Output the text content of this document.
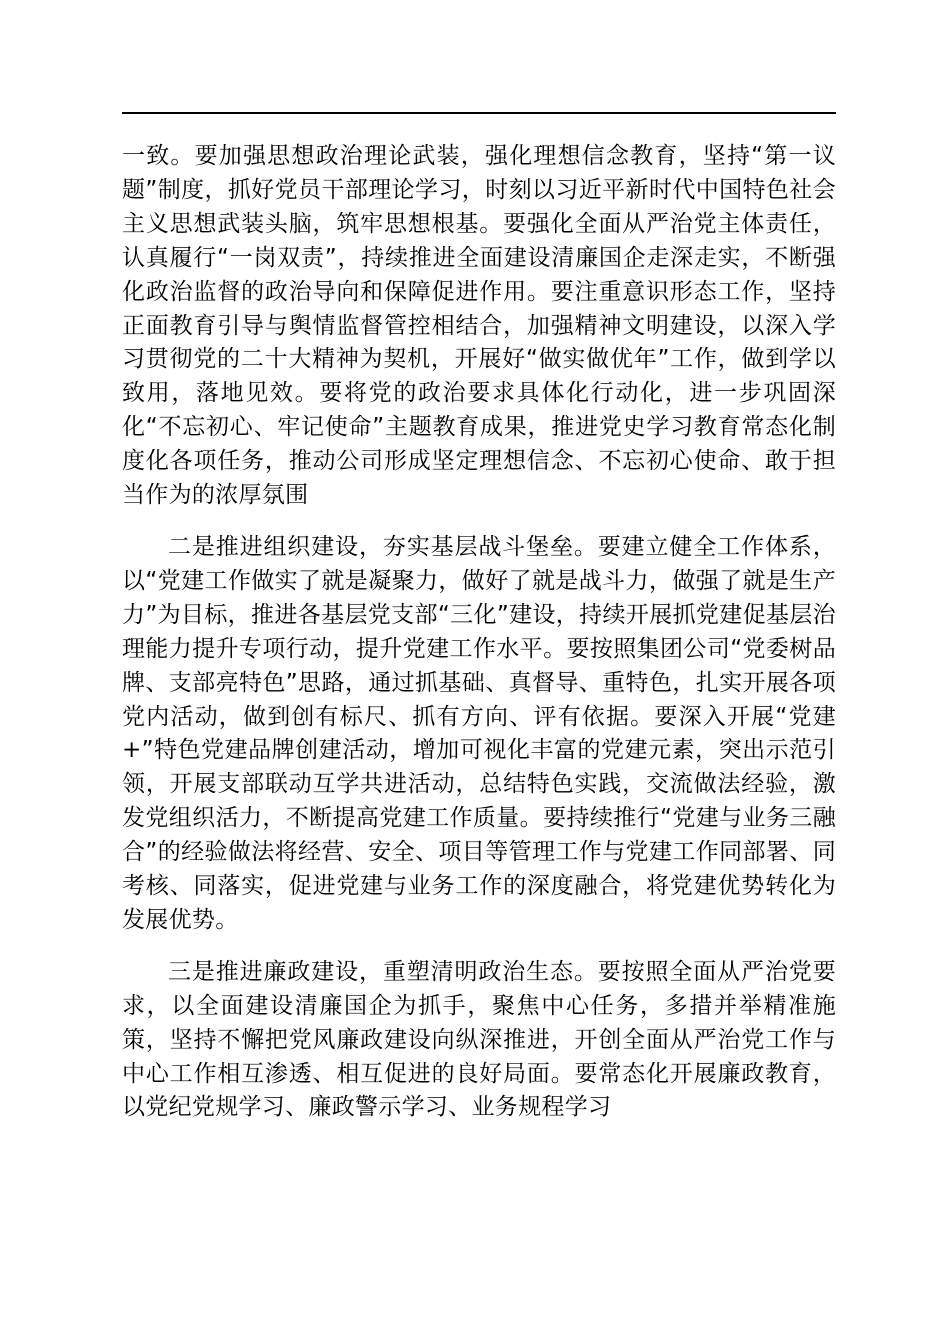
一致。要加强思想政治理论武装，强化理想信念教育，坚持“第一议题”制度，抓好党员干部理论学习，时刻以习近平新时代中国特色社会主义思想武装头脑，筑牢思想根基。要强化全面从严治党主体责任，认真履行“一岗双责”，持续推进全面建设清廉国企走深走实，不断强化政治监督的政治导向和保障促进作用。要注重意识形态工作，坚持正面教育引导与舆情监督管控相结合，加强精神文明建设，以深入学习贯彻党的二十大精神为契机，开展好“做实做优年”工作，做到学以致用，落地见效。要将党的政治要求具体化行动化，进一步巩固深化“不忘初心、牢记使命”主题教育成果，推进党史学习教育常态化制度化各项任务，推动公司形成坚定理想信念、不忘初心使命、敢于担当作为的浓厚氛围

二是推进组织建设，夯实基层战斗堡垒。要建立健全工作体系，以“党建工作做实了就是凝聚力，做好了就是战斗力，做强了就是生产力”为目标，推进各基层党支部“三化”建设，持续开展抓党建促基层治理能力提升专项行动，提升党建工作水平。要按照集团公司“党委树品牌、支部亮特色”思路，通过抓基础、真督导、重特色，扎实开展各项党内活动，做到创有标尺、抓有方向、评有依据。要深入开展“党建+”特色党建品牌创建活动，增加可视化丰富的党建元素，突出示范引领，开展支部联动互学共进活动，总结特色实践，交流做法经验，激发党组织活力，不断提高党建工作质量。要持续推行“党建与业务三融合”的经验做法将经营、安全、项目等管理工作与党建工作同部署、同考核、同落实，促进党建与业务工作的深度融合，将党建优势转化为发展优势。

三是推进廉政建设，重塑清明政治生态。要按照全面从严治党要求，以全面建设清廉国企为抓手，聚焦中心任务，多措并举精准施策，坚持不懈把党风廉政建设向纵深推进，开创全面从严治党工作与中心工作相互渗透、相互促进的良好局面。要常态化开展廉政教育，以党纪党规学习、廉政警示学习、业务规程学习
